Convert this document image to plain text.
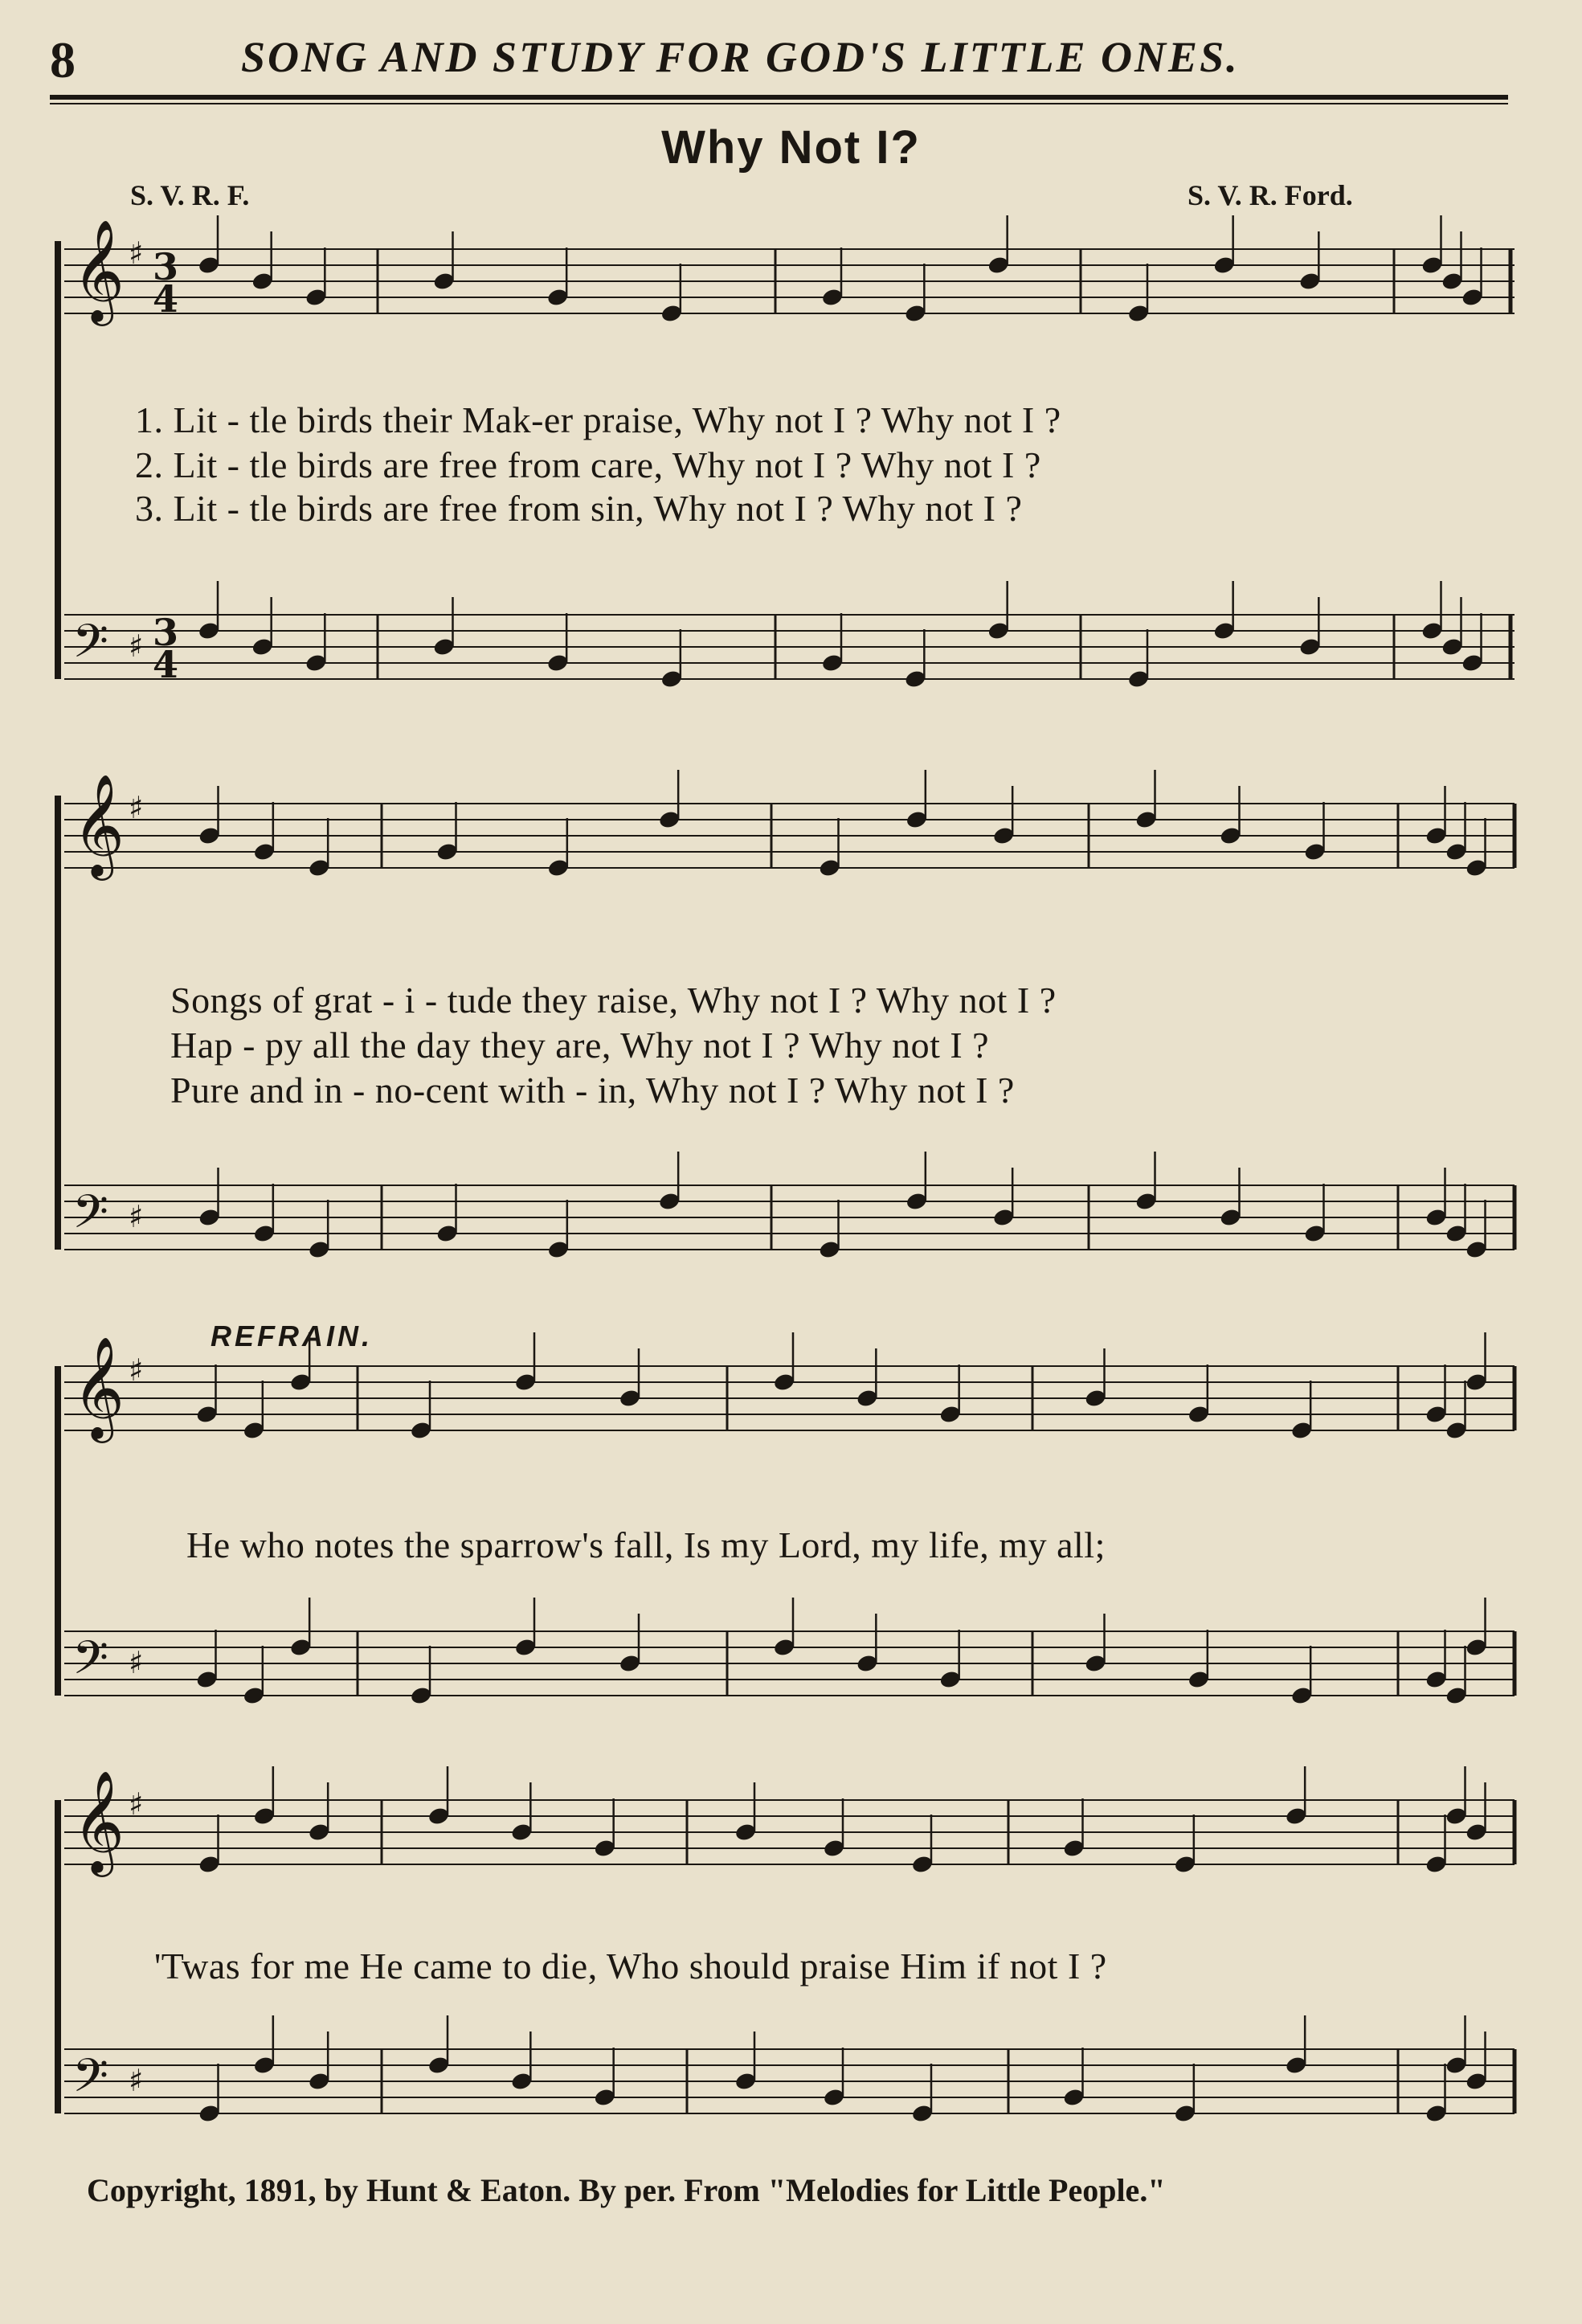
8	SONG AND STUDY FOR GOD'S LITTLE ONES.
Why Not I?
S. V. R. F.	S. V. R. Ford.
𝄞 ♯
𝄢 ♯
3
4
3
4
𝄞 ♯
𝄢 ♯
𝄞 ♯
𝄢 ♯
𝄞 ♯
𝄢 ♯
1. Lit - tle birds their Mak-er praise, Why not I ? Why not I ?
2. Lit - tle birds are free from care, Why not I ? Why not I ?
3. Lit - tle birds are free from sin, Why not I ? Why not I ?
Songs of grat - i - tude they raise, Why not I ? Why not I ?
Hap - py all the day they are, Why not I ? Why not I ?
Pure and in - no-cent with - in, Why not I ? Why not I ?
REFRAIN.
He who notes the sparrow's fall, Is my Lord, my life, my all;
'Twas for me He came to die, Who should praise Him if not I ?
Copyright, 1891, by Hunt & Eaton. By per. From "Melodies for Little People."
